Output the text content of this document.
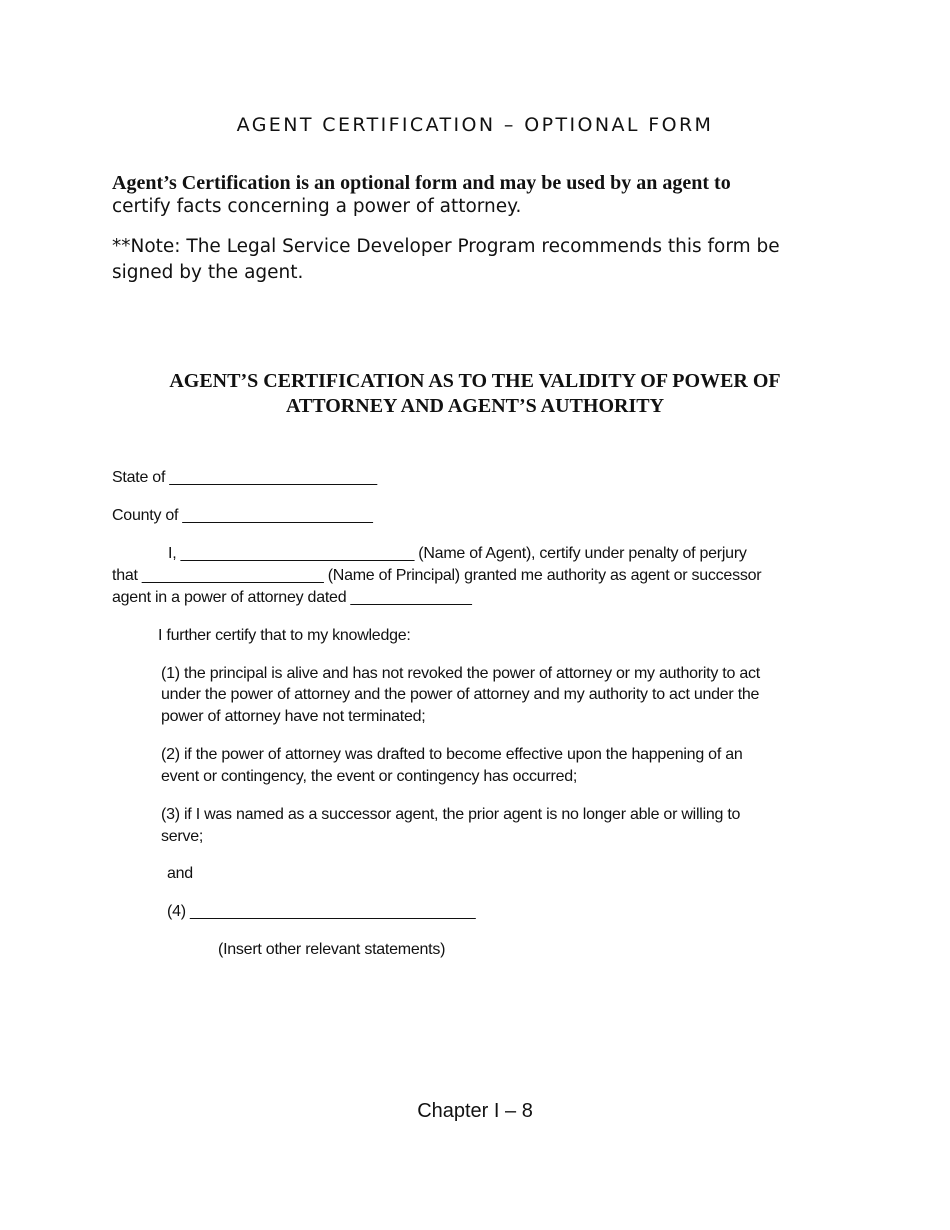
AGENT CERTIFICATION – OPTIONAL FORM
Agent’s Certification is an optional form and may be used by an agent to
certify facts concerning a power of attorney.
**Note: The Legal Service Developer Program recommends this form be
signed by the agent.
AGENT’S CERTIFICATION AS TO THE VALIDITY OF POWER OF
ATTORNEY AND AGENT’S AUTHORITY
State of ________________________
County of ______________________
I, ___________________________ (Name of Agent), certify under penalty of perjury
that _____________________ (Name of Principal) granted me authority as agent or successor
agent in a power of attorney dated ______________
I further certify that to my knowledge:
(1) the principal is alive and has not revoked the power of attorney or my authority to act
under the power of attorney and the power of attorney and my authority to act under the
power of attorney have not terminated;
(2) if the power of attorney was drafted to become effective upon the happening of an
event or contingency, the event or contingency has occurred;
(3) if I was named as a successor agent, the prior agent is no longer able or willing to
serve;
and
(4) _________________________________
(Insert other relevant statements)
Chapter I – 8
